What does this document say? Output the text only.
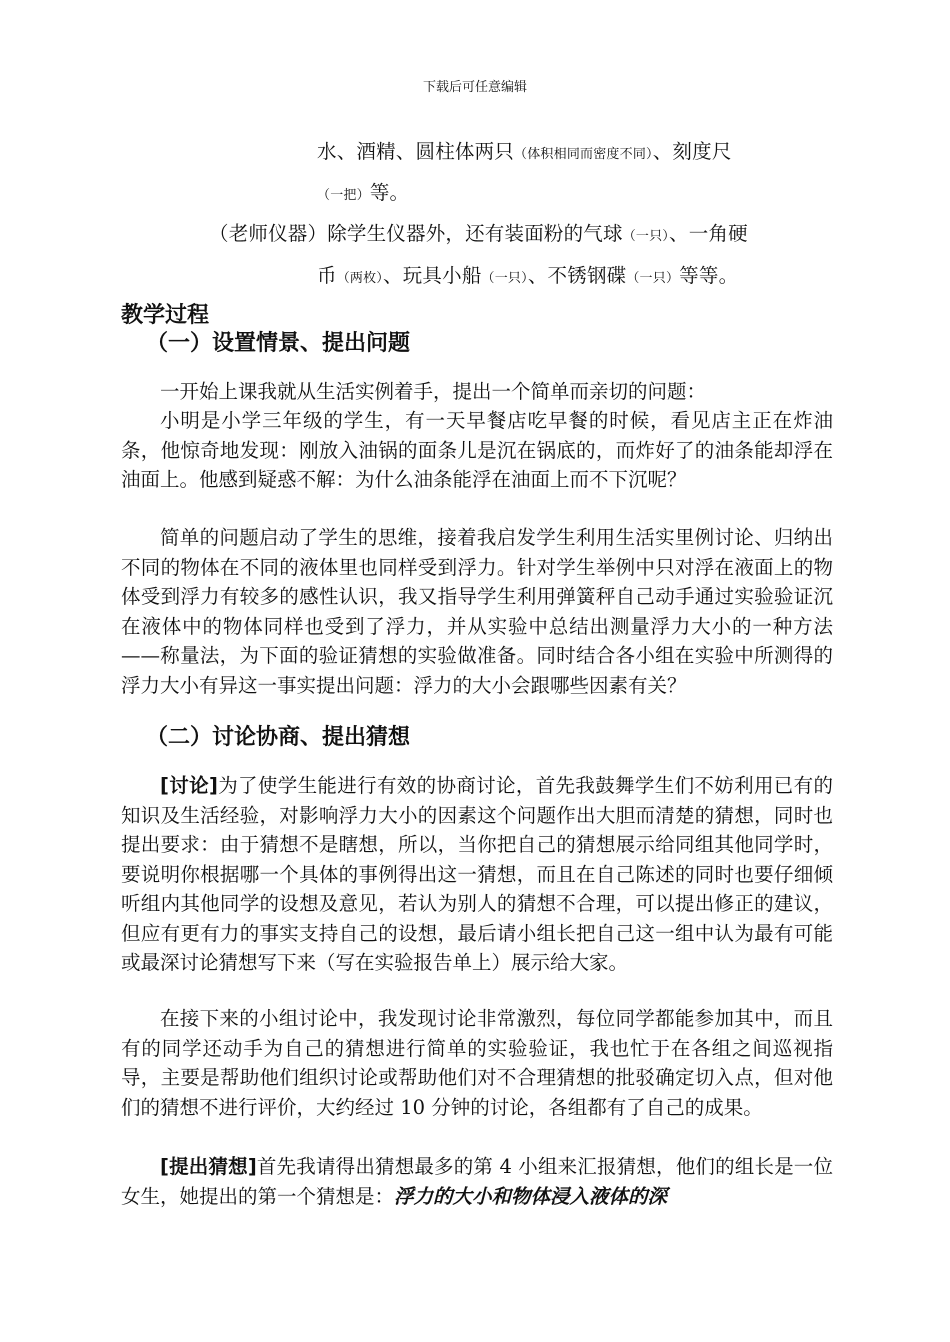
下载后可任意编辑
水、酒精、圆柱体两只（体积相同而密度不同）、刻度尺
（一把）等。
（老师仪器）除学生仪器外，还有装面粉的气球（一只）、一角硬
币（两枚）、玩具小船（一只）、不锈钢碟（一只）等等。
教学过程
（一）设置情景、提出问题
一开始上课我就从生活实例着手，提出一个简单而亲切的问题：
小明是小学三年级的学生，有一天早餐店吃早餐的时候，看见店主正在炸油条，他惊奇地发现：刚放入油锅的面条儿是沉在锅底的，而炸好了的油条能却浮在油面上。他感到疑惑不解：为什么油条能浮在油面上而不下沉呢？
简单的问题启动了学生的思维，接着我启发学生利用生活实里例讨论、归纳出不同的物体在不同的液体里也同样受到浮力。针对学生举例中只对浮在液面上的物体受到浮力有较多的感性认识，我又指导学生利用弹簧秤自己动手通过实验验证沉在液体中的物体同样也受到了浮力，并从实验中总结出测量浮力大小的一种方法——称量法，为下面的验证猜想的实验做准备。同时结合各小组在实验中所测得的浮力大小有异这一事实提出问题：浮力的大小会跟哪些因素有关？
（二）讨论协商、提出猜想
[讨论]为了使学生能进行有效的协商讨论，首先我鼓舞学生们不妨利用已有的知识及生活经验，对影响浮力大小的因素这个问题作出大胆而清楚的猜想，同时也提出要求：由于猜想不是瞎想，所以，当你把自己的猜想展示给同组其他同学时，要说明你根据哪一个具体的事例得出这一猜想，而且在自己陈述的同时也要仔细倾听组内其他同学的设想及意见，若认为别人的猜想不合理，可以提出修正的建议，但应有更有力的事实支持自己的设想，最后请小组长把自己这一组中认为最有可能或最深讨论猜想写下来（写在实验报告单上）展示给大家。
在接下来的小组讨论中，我发现讨论非常激烈，每位同学都能参加其中，而且有的同学还动手为自己的猜想进行简单的实验验证，我也忙于在各组之间巡视指导，主要是帮助他们组织讨论或帮助他们对不合理猜想的批驳确定切入点，但对他们的猜想不进行评价，大约经过 10 分钟的讨论，各组都有了自己的成果。
[提出猜想]首先我请得出猜想最多的第 4 小组来汇报猜想，他们的组长是一位女生，她提出的第一个猜想是：浮力的大小和物体浸入液体的深
